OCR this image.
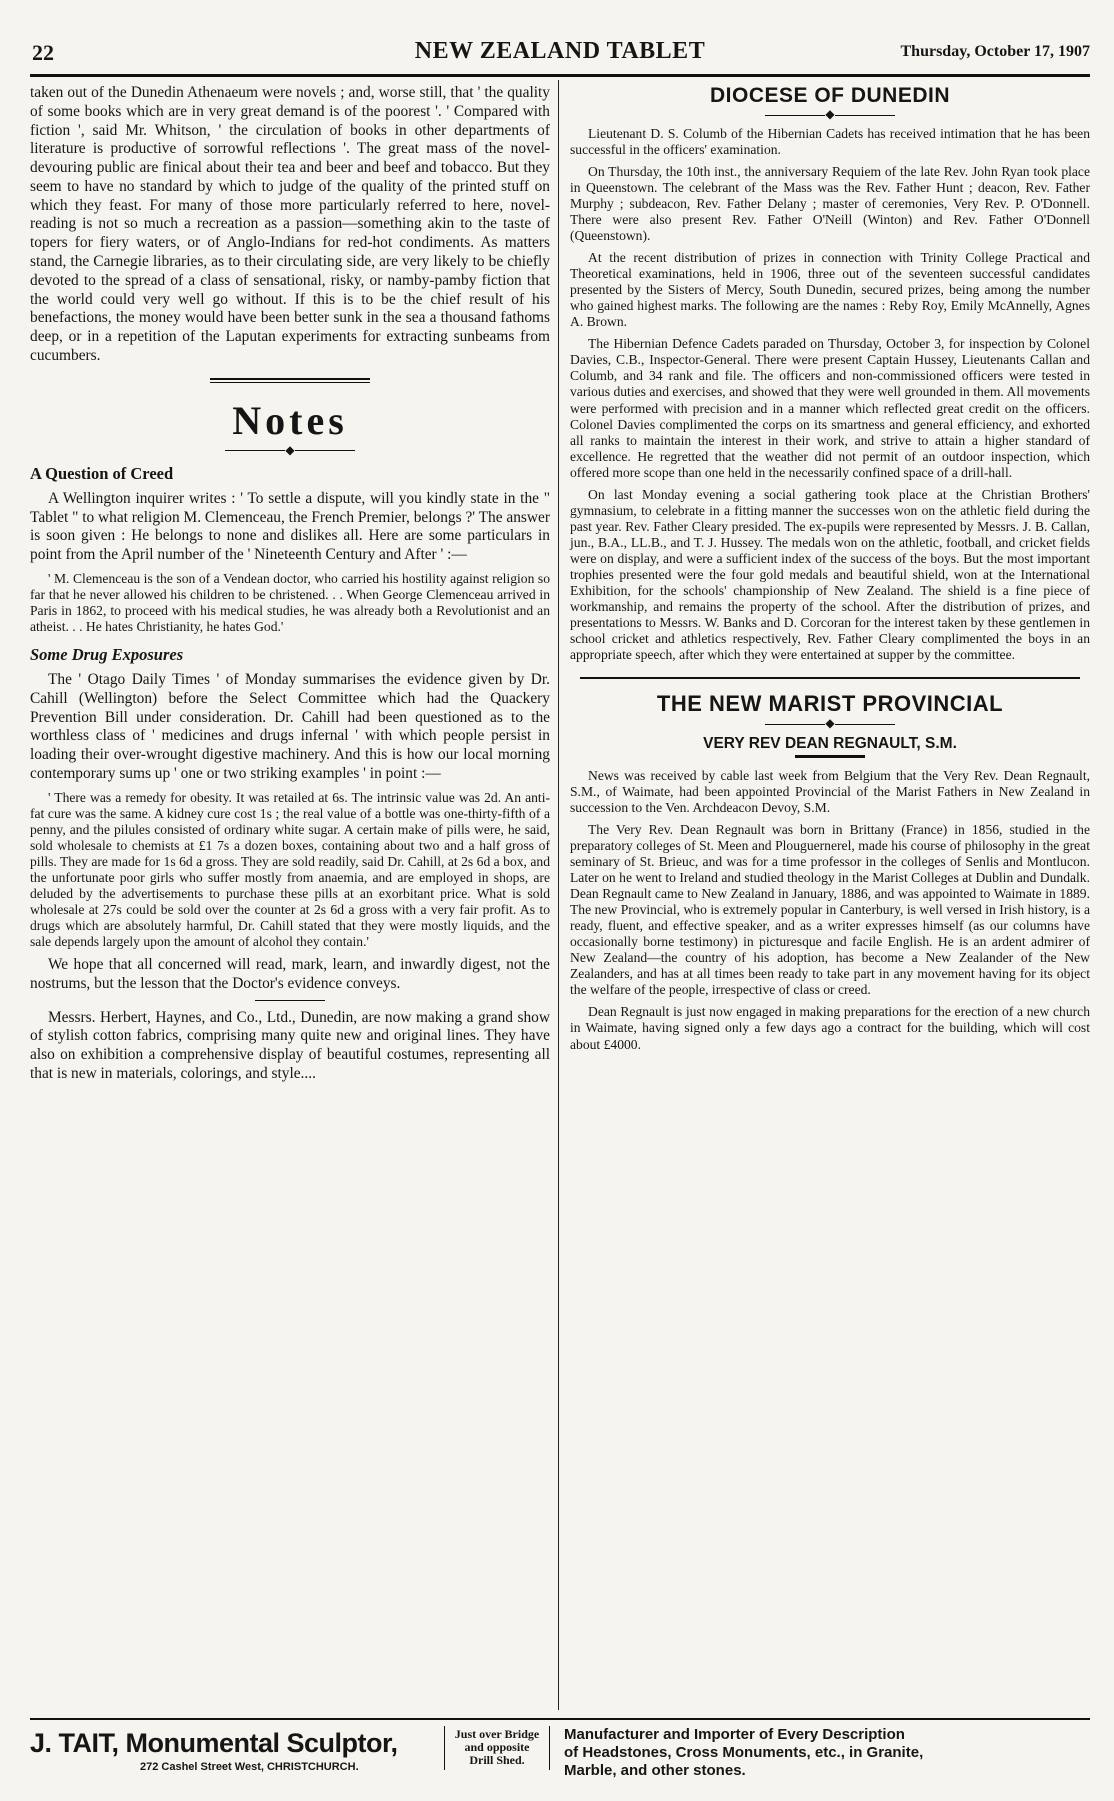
22	NEW ZEALAND TABLET	Thursday, October 17, 1907

taken out of the Dunedin Athenaeum were novels ; and, worse still, that ' the quality of some books which are in very great demand is of the poorest '. ' Compared with fiction ', said Mr. Whitson, ' the circulation of books in other departments of literature is productive of sorrowful reflections '. The great mass of the novel-devouring public are finical about their tea and beer and beef and tobacco. But they seem to have no standard by which to judge of the quality of the printed stuff on which they feast. For many of those more particularly referred to here, novel-reading is not so much a recreation as a passion—something akin to the taste of topers for fiery waters, or of Anglo-Indians for red-hot condiments. As matters stand, the Carnegie libraries, as to their circulating side, are very likely to be chiefly devoted to the spread of a class of sensational, risky, or namby-pamby fiction that the world could very well go without. If this is to be the chief result of his benefactions, the money would have been better sunk in the sea a thousand fathoms deep, or in a repetition of the Laputan experiments for extracting sunbeams from cucumbers.

Notes
◆
A Question of Creed

A Wellington inquirer writes : ' To settle a dispute, will you kindly state in the " Tablet " to what religion M. Clemenceau, the French Premier, belongs ?' The answer is soon given : He belongs to none and dislikes all. Here are some particulars in point from the April number of the ' Nineteenth Century and After ' :—

' M. Clemenceau is the son of a Vendean doctor, who carried his hostility against religion so far that he never allowed his children to be christened. . . When George Clemenceau arrived in Paris in 1862, to proceed with his medical studies, he was already both a Revolutionist and an atheist. . . He hates Christianity, he hates God.'

Some Drug Exposures

The ' Otago Daily Times ' of Monday summarises the evidence given by Dr. Cahill (Wellington) before the Select Committee which had the Quackery Prevention Bill under consideration. Dr. Cahill had been questioned as to the worthless class of ' medicines and drugs infernal ' with which people persist in loading their over-wrought digestive machinery. And this is how our local morning contemporary sums up ' one or two striking examples ' in point :—

' There was a remedy for obesity. It was retailed at 6s. The intrinsic value was 2d. An anti-fat cure was the same. A kidney cure cost 1s ; the real value of a bottle was one-thirty-fifth of a penny, and the pilules consisted of ordinary white sugar. A certain make of pills were, he said, sold wholesale to chemists at £1 7s a dozen boxes, containing about two and a half gross of pills. They are made for 1s 6d a gross. They are sold readily, said Dr. Cahill, at 2s 6d a box, and the unfortunate poor girls who suffer mostly from anaemia, and are employed in shops, are deluded by the advertisements to purchase these pills at an exorbitant price. What is sold wholesale at 27s could be sold over the counter at 2s 6d a gross with a very fair profit. As to drugs which are absolutely harmful, Dr. Cahill stated that they were mostly liquids, and the sale depends largely upon the amount of alcohol they contain.'

We hope that all concerned will read, mark, learn, and inwardly digest, not the nostrums, but the lesson that the Doctor's evidence conveys.

Messrs. Herbert, Haynes, and Co., Ltd., Dunedin, are now making a grand show of stylish cotton fabrics, comprising many quite new and original lines. They have also on exhibition a comprehensive display of beautiful costumes, representing all that is new in materials, colorings, and style....

DIOCESE OF DUNEDIN
◆

Lieutenant D. S. Columb of the Hibernian Cadets has received intimation that he has been successful in the officers' examination.

On Thursday, the 10th inst., the anniversary Requiem of the late Rev. John Ryan took place in Queenstown. The celebrant of the Mass was the Rev. Father Hunt ; deacon, Rev. Father Murphy ; subdeacon, Rev. Father Delany ; master of ceremonies, Very Rev. P. O'Donnell. There were also present Rev. Father O'Neill (Winton) and Rev. Father O'Donnell (Queenstown).

At the recent distribution of prizes in connection with Trinity College Practical and Theoretical examinations, held in 1906, three out of the seventeen successful candidates presented by the Sisters of Mercy, South Dunedin, secured prizes, being among the number who gained highest marks. The following are the names : Reby Roy, Emily McAnnelly, Agnes A. Brown.

The Hibernian Defence Cadets paraded on Thursday, October 3, for inspection by Colonel Davies, C.B., Inspector-General. There were present Captain Hussey, Lieutenants Callan and Columb, and 34 rank and file. The officers and non-commissioned officers were tested in various duties and exercises, and showed that they were well grounded in them. All movements were performed with precision and in a manner which reflected great credit on the officers. Colonel Davies complimented the corps on its smartness and general efficiency, and exhorted all ranks to maintain the interest in their work, and strive to attain a higher standard of excellence. He regretted that the weather did not permit of an outdoor inspection, which offered more scope than one held in the necessarily confined space of a drill-hall.

On last Monday evening a social gathering took place at the Christian Brothers' gymnasium, to celebrate in a fitting manner the successes won on the athletic field during the past year. Rev. Father Cleary presided. The ex-pupils were represented by Messrs. J. B. Callan, jun., B.A., LL.B., and T. J. Hussey. The medals won on the athletic, football, and cricket fields were on display, and were a sufficient index of the success of the boys. But the most important trophies presented were the four gold medals and beautiful shield, won at the International Exhibition, for the schools' championship of New Zealand. The shield is a fine piece of workmanship, and remains the property of the school. After the distribution of prizes, and presentations to Messrs. W. Banks and D. Corcoran for the interest taken by these gentlemen in school cricket and athletics respectively, Rev. Father Cleary complimented the boys in an appropriate speech, after which they were entertained at supper by the committee.

THE NEW MARIST PROVINCIAL
◆
VERY REV DEAN REGNAULT, S.M.

News was received by cable last week from Belgium that the Very Rev. Dean Regnault, S.M., of Waimate, had been appointed Provincial of the Marist Fathers in New Zealand in succession to the Ven. Archdeacon Devoy, S.M.

The Very Rev. Dean Regnault was born in Brittany (France) in 1856, studied in the preparatory colleges of St. Meen and Plouguernerel, made his course of philosophy in the great seminary of St. Brieuc, and was for a time professor in the colleges of Senlis and Montlucon. Later on he went to Ireland and studied theology in the Marist Colleges at Dublin and Dundalk. Dean Regnault came to New Zealand in January, 1886, and was appointed to Waimate in 1889. The new Provincial, who is extremely popular in Canterbury, is well versed in Irish history, is a ready, fluent, and effective speaker, and as a writer expresses himself (as our columns have occasionally borne testimony) in picturesque and facile English. He is an ardent admirer of New Zealand—the country of his adoption, has become a New Zealander of the New Zealanders, and has at all times been ready to take part in any movement having for its object the welfare of the people, irrespective of class or creed.

Dean Regnault is just now engaged in making preparations for the erection of a new church in Waimate, having signed only a few days ago a contract for the building, which will cost about £4000.

J. TAIT, Monumental Sculptor,
272 Cashel Street West, CHRISTCHURCH.
Just over Bridge
and opposite
Drill Shed.
Manufacturer and Importer of Every Description
of Headstones, Cross Monuments, etc., in Granite,
Marble, and other stones.
